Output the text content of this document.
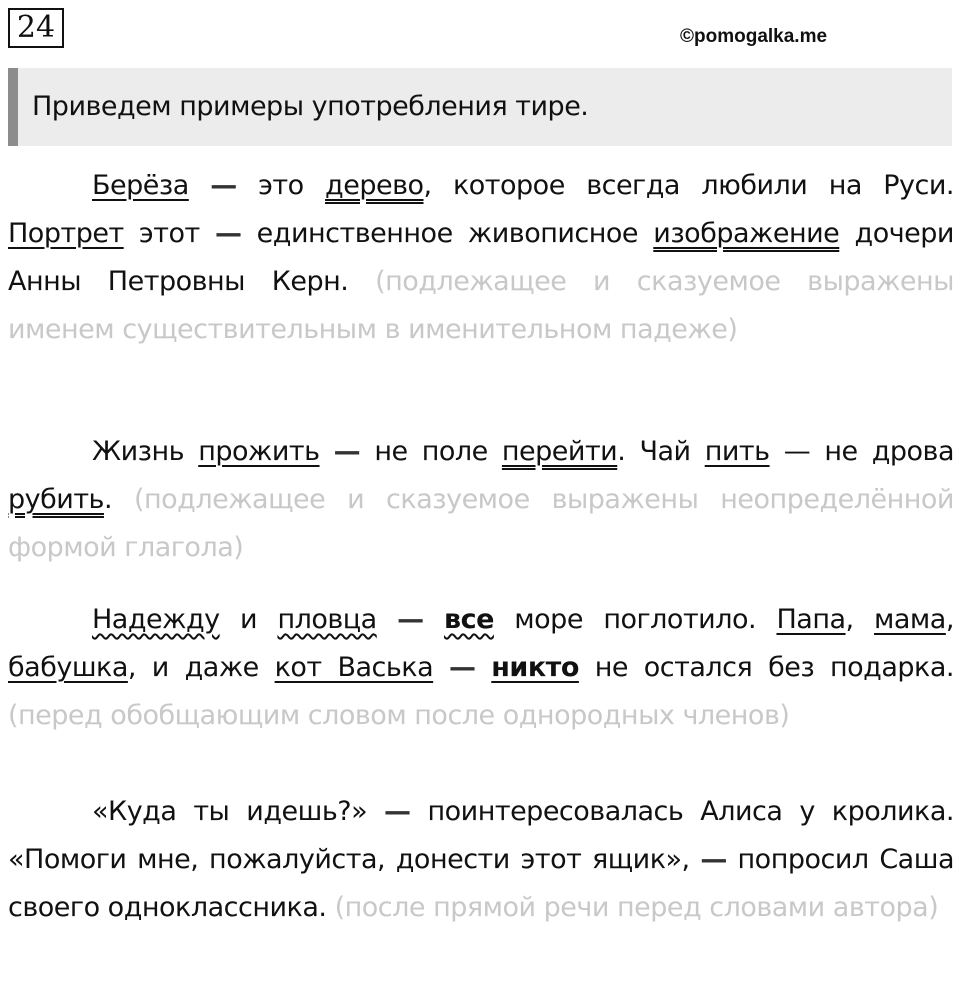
24	©pomogalka.me
Приведем примеры употребления тире.
Берёза — это дерево, которое всегда любили на Руси. Портрет этот — единственное живописное изображение дочери Анны Петровны Керн. (подлежащее и сказуемое выражены именем существительным в именительном падеже)
Жизнь прожить — не поле перейти. Чай пить — не дрова рубить. (подлежащее и сказуемое выражены неопределённой формой глагола)
Надежду и пловца — все море поглотило. Папа, мама, бабушка, и даже кот Васька — никто не остался без подарка. (перед обобщающим словом после однородных членов)
«Куда ты идешь?» — поинтересовалась Алиса у кролика. «Помоги мне, пожалуйста, донести этот ящик», — попросил Саша своего одноклассника. (после прямой речи перед словами автора)
